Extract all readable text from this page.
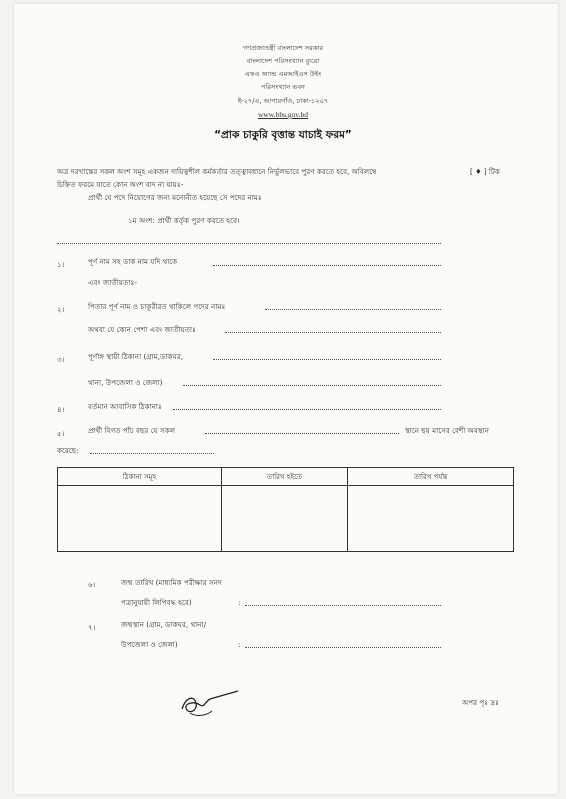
গণপ্রজাতন্ত্রী বাংলাদেশ সরকার
বাংলাদেশ পরিসংখ্যান ব্যুরো
এফএ অ্যান্ড এমআইএস উইং
পরিসংখ্যান ভবন
ই-২৭/এ, আগারগাঁও, ঢাকা-১২০৭
www.bbs.gov.bd
“প্রাক চাকুরি বৃত্তান্ত যাচাই ফরম”
অত্র দরখাস্তের সকল অংশ সমূহ একজন দায়িত্বশীল কর্মকর্তার তত্ত্বাবধানে নির্ভুলভাবে পুরণ করতে হবে, অবিলম্বে	[ ♦ ] টিক
চিহ্নিত ফরমে যাতে কোন অংশ বাদ না যায়ঃ-
প্রার্থী যে পদে নিয়োগের জন্য মনোনীত হয়েছে সে পদের নামঃ
১ম অংশ: প্রার্থী কর্তৃক পুরণ করতে হবে।
১।	পূর্ণ নাম সহ ডাক নাম যদি থাকে
এবং জাতীয়তাঃ-
২।	পিতার পূর্ণ নাম ও চাকুরীরত থাকিলে পদের নামঃ
অথবা যে কোন পেশা এবং জাতীয়তাঃ
৩।	পূর্ণাঙ্গ স্থায়ী ঠিকানা (গ্রাম,ডাকঘর,
থানা, উপজেলা ও জেলা)
৪।	বর্তমান আবাসিক ঠিকানাঃ
৫।	প্রার্থী বিগত পাঁচ বছর যে সকল	স্থানে ছয় মাসের বেশী অবস্থান
করেছে:
ঠিকানা সমূহ	তারিখ হইতে	তারিখ পর্যন্ত

৬।	জন্ম তারিখ (মাধ্যমিক পরীক্ষার সনদ
পত্রানুযায়ী লিপিবদ্ধ হবে)	:
৭।	জন্মস্থান (গ্রাম, ডাকঘর, থানা/
উপজেলা ও জেলা)	:
অপর পৃঃ দ্রঃ
